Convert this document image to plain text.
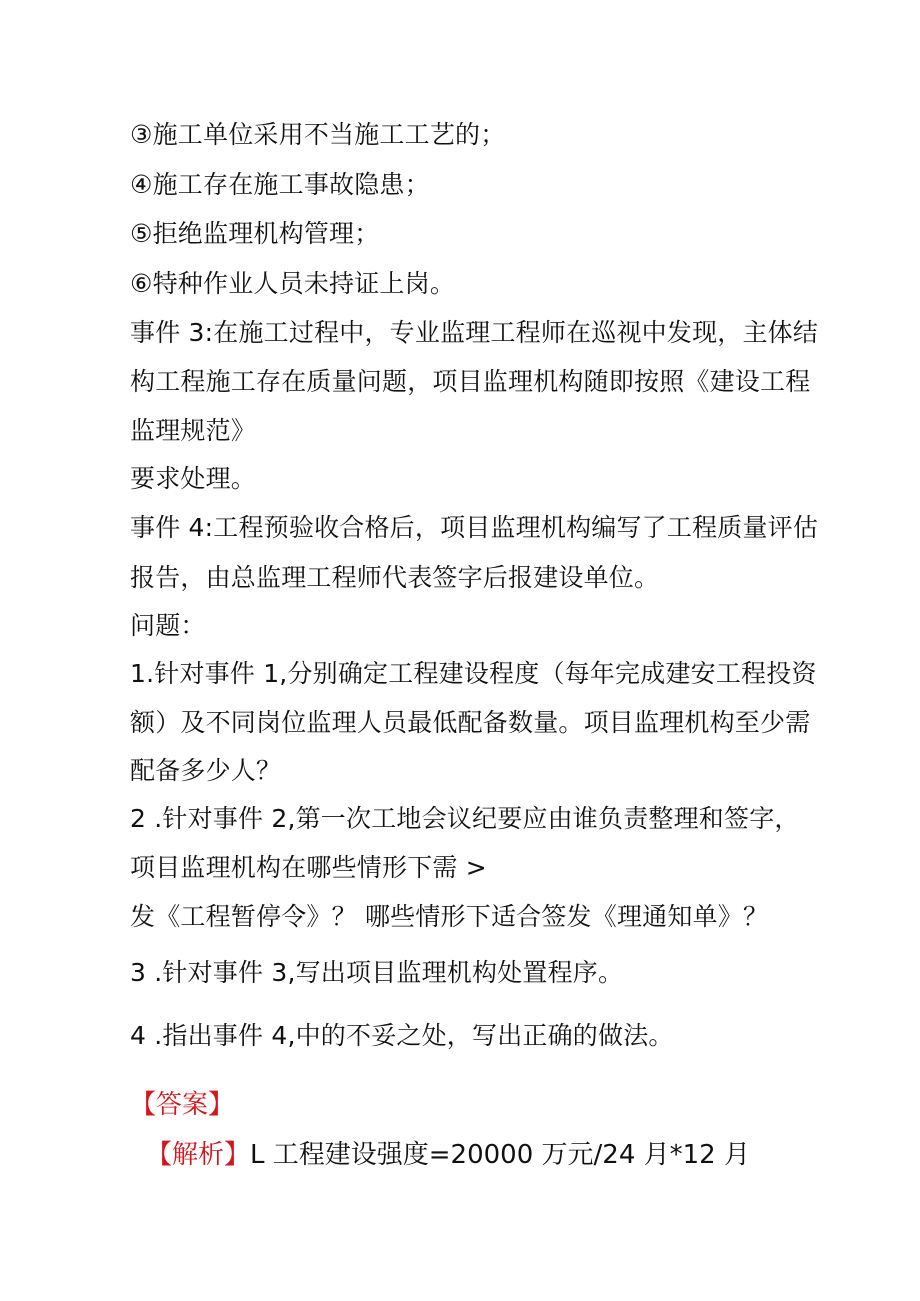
③施工单位采用不当施工工艺的；
④施工存在施工事故隐患；
⑤拒绝监理机构管理；
⑥特种作业人员未持证上岗。
事件 3:在施工过程中，专业监理工程师在巡视中发现，主体结
构工程施工存在质量问题，项目监理机构随即按照《建设工程
监理规范》
要求处理。
事件 4:工程预验收合格后，项目监理机构编写了工程质量评估
报告，由总监理工程师代表签字后报建设单位。
问题：
1.针对事件 1,分别确定工程建设程度（每年完成建安工程投资
额）及不同岗位监理人员最低配备数量。项目监理机构至少需
配备多少人？
2 .针对事件 2,第一次工地会议纪要应由谁负责整理和签字，
项目监理机构在哪些情形下需 >
发《工程暂停令》？ 哪些情形下适合签发《理通知单》？
3 .针对事件 3,写出项目监理机构处置程序。
4 .指出事件 4,中的不妥之处，写出正确的做法。
【答案】
【解析】L 工程建设强度=20000 万元/24 月*12 月
